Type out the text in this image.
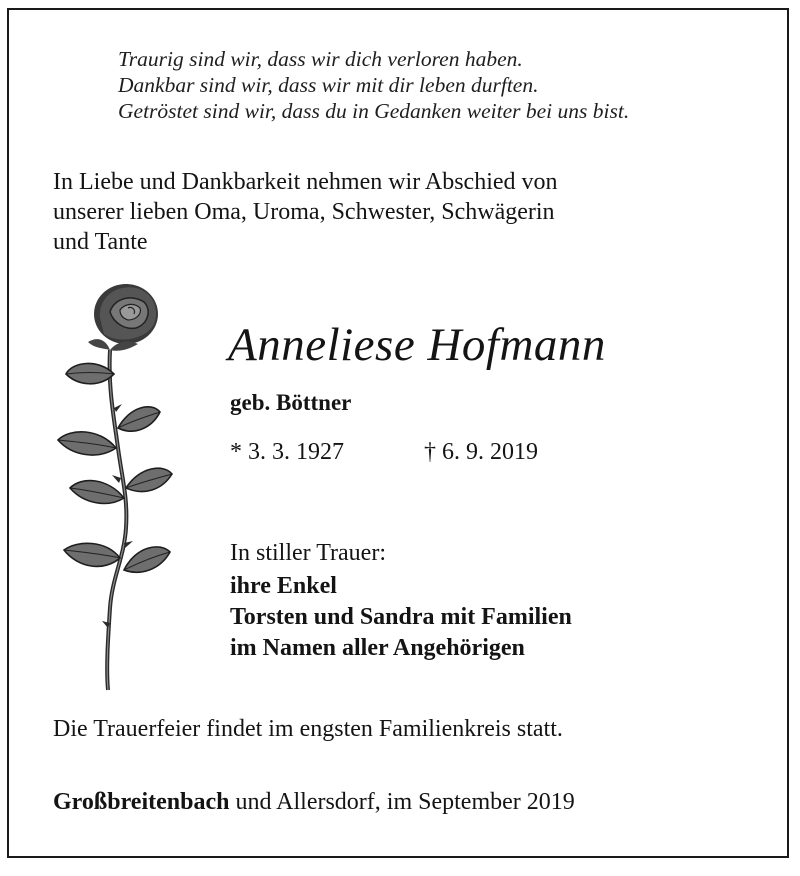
Traurig sind wir, dass wir dich verloren haben.
Dankbar sind wir, dass wir mit dir leben durften.
Getröstet sind wir, dass du in Gedanken weiter bei uns bist.
In Liebe und Dankbarkeit nehmen wir Abschied von
unserer lieben Oma, Uroma, Schwester, Schwägerin
und Tante
Anneliese Hofmann
geb. Böttner
* 3. 3. 1927	† 6. 9. 2019
In stiller Trauer:
ihre Enkel
Torsten und Sandra mit Familien
im Namen aller Angehörigen
Die Trauerfeier findet im engsten Familienkreis statt.
Großbreitenbach und Allersdorf, im September 2019
